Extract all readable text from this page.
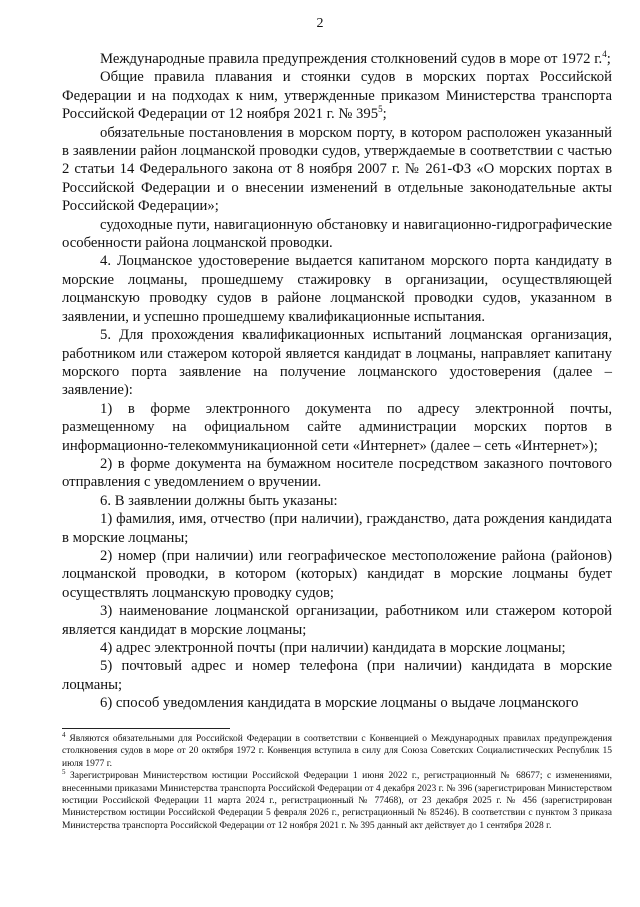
2

Международные правила предупреждения столкновений судов в море от 1972 г.$^4$;

Общие правила плавания и стоянки судов в морских портах Российской Федерации и на подходах к ним, утвержденные приказом Министерства транспорта Российской Федерации от 12 ноября 2021 г. № $395^5$;

обязательные постановления в морском порту, в котором расположен указанный в заявлении район лоцманской проводки судов, утверждаемые в соответствии с частью 2 статьи 14 Федерального закона от 8 ноября 2007 г. № 261-ФЗ «О морских портах в Российской Федерации и о внесении изменений в отдельные законодательные акты Российской Федерации»;

судоходные пути, навигационную обстановку и навигационно-гидрографические особенности района лоцманской проводки.

4. Лоцманское удостоверение выдается капитаном морского порта кандидату в морские лоцманы, прошедшему стажировку в организации, осуществляющей лоцманскую проводку судов в районе лоцманской проводки судов, указанном в заявлении, и успешно прошедшему квалификационные испытания.

5. Для прохождения квалификационных испытаний лоцманская организация, работником или стажером которой является кандидат в лоцманы, направляет капитану морского порта заявление на получение лоцманского удостоверения (далее – заявление):

1) в форме электронного документа по адресу электронной почты, размещенному на официальном сайте администрации морских портов в информационно-телекоммуникационной сети «Интернет» (далее – сеть «Интернет»);

2) в форме документа на бумажном носителе посредством заказного почтового отправления с уведомлением о вручении.

6. В заявлении должны быть указаны:

1) фамилия, имя, отчество (при наличии), гражданство, дата рождения кандидата в морские лоцманы;

2) номер (при наличии) или географическое местоположение района (районов) лоцманской проводки, в котором (которых) кандидат в морские лоцманы будет осуществлять лоцманскую проводку судов;

3) наименование лоцманской организации, работником или стажером которой является кандидат в морские лоцманы;

4) адрес электронной почты (при наличии) кандидата в морские лоцманы;

5) почтовый адрес и номер телефона (при наличии) кандидата в морские лоцманы;

6) способ уведомления кандидата в морские лоцманы о выдаче лоцманского

$^4$ Являются обязательными для Российской Федерации в соответствии с Конвенцией о Международных правилах предупреждения столкновения судов в море от 20 октября 1972 г. Конвенция вступила в силу для Союза Советских Социалистических Республик 15 июля 1977 г.

$^5$ Зарегистрирован Министерством юстиции Российской Федерации 1 июня 2022 г., регистрационный № 68677; с изменениями, внесенными приказами Министерства транспорта Российской Федерации от 4 декабря 2023 г. № 396 (зарегистрирован Министерством юстиции Российской Федерации 11 марта 2024 г., регистрационный № 77468), от 23 декабря 2025 г. № 456 (зарегистрирован Министерством юстиции Российской Федерации 5 февраля 2026 г., регистрационный № 85246). В соответствии с пунктом 3 приказа Министерства транспорта Российской Федерации от 12 ноября 2021 г. № 395 данный акт действует до 1 сентября 2028 г.
